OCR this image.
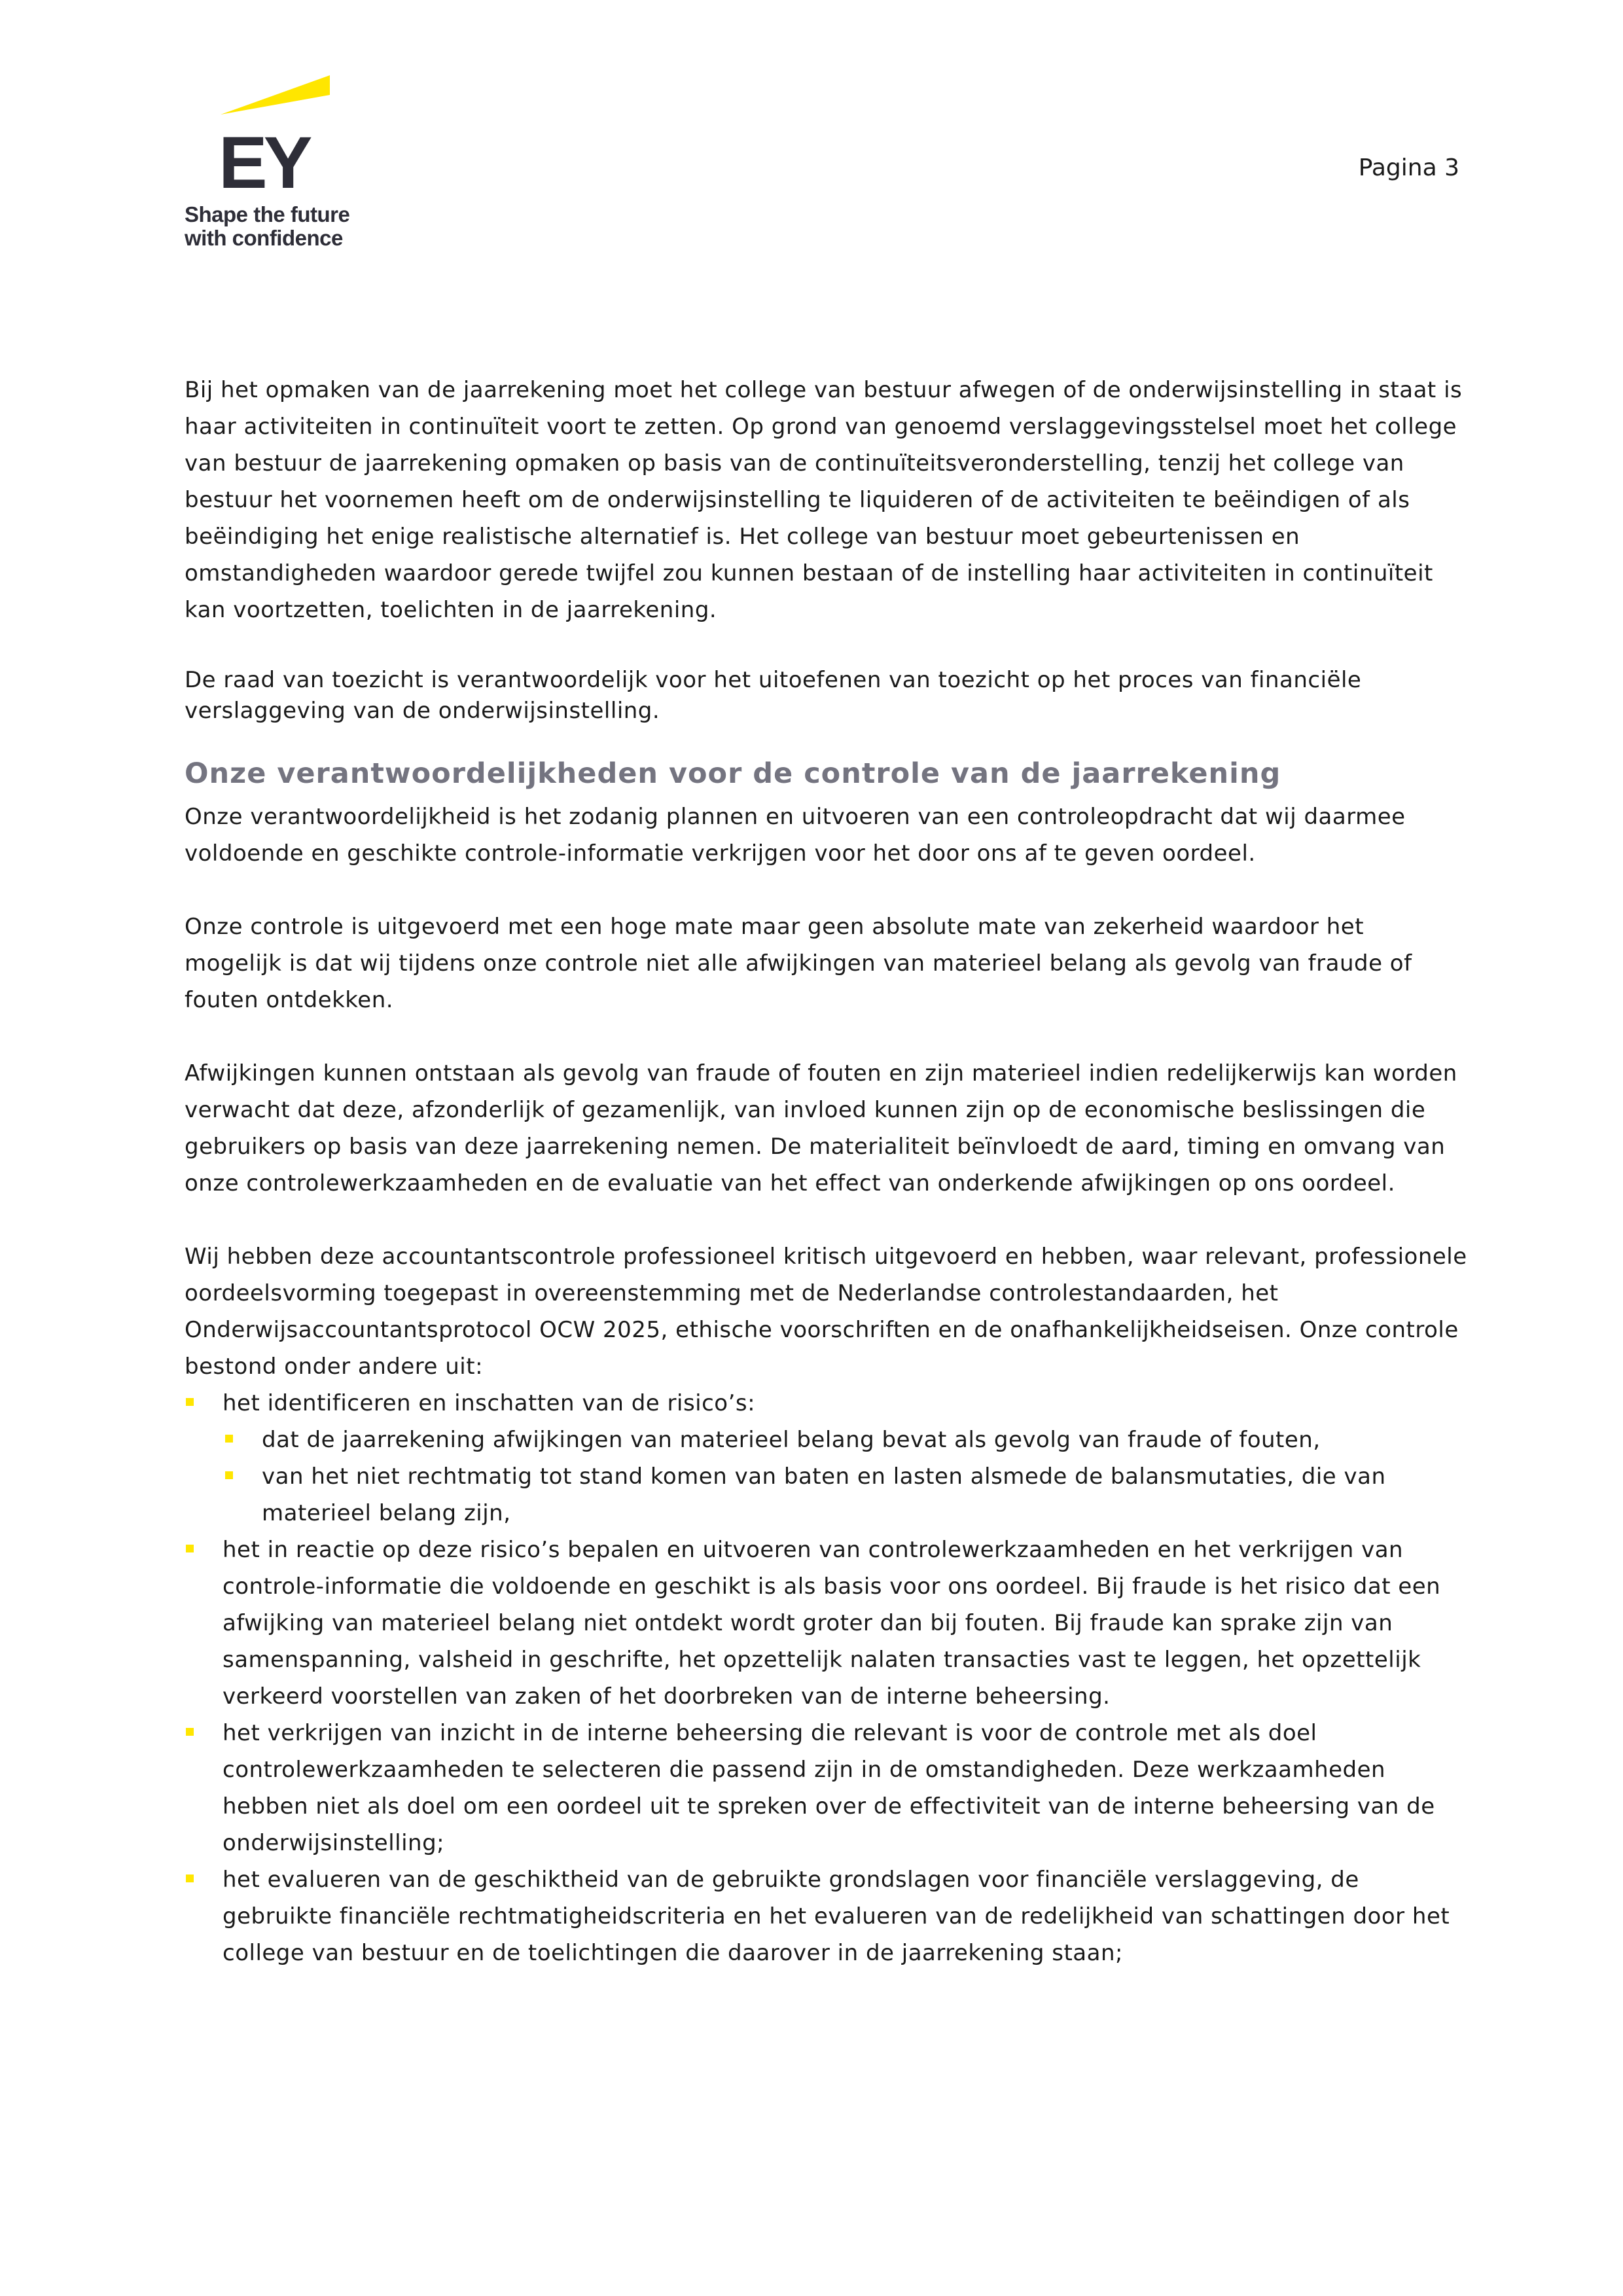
EY
Shape the future
with confidence
Pagina 3

Bij het opmaken van de jaarrekening moet het college van bestuur afwegen of de onderwijsinstelling in staat is haar activiteiten in continuïteit voort te zetten. Op grond van genoemd verslaggevingsstelsel moet het college van bestuur de jaarrekening opmaken op basis van de continuïteitsveronderstelling, tenzij het college van bestuur het voornemen heeft om de onderwijsinstelling te liquideren of de activiteiten te beëindigen of als beëindiging het enige realistische alternatief is. Het college van bestuur moet gebeurtenissen en omstandigheden waardoor gerede twijfel zou kunnen bestaan of de instelling haar activiteiten in continuïteit kan voortzetten, toelichten in de jaarrekening.

De raad van toezicht is verantwoordelijk voor het uitoefenen van toezicht op het proces van financiële verslaggeving van de onderwijsinstelling.

Onze verantwoordelijkheden voor de controle van de jaarrekening

Onze verantwoordelijkheid is het zodanig plannen en uitvoeren van een controleopdracht dat wij daarmee voldoende en geschikte controle-informatie verkrijgen voor het door ons af te geven oordeel.

Onze controle is uitgevoerd met een hoge mate maar geen absolute mate van zekerheid waardoor het mogelijk is dat wij tijdens onze controle niet alle afwijkingen van materieel belang als gevolg van fraude of fouten ontdekken.

Afwijkingen kunnen ontstaan als gevolg van fraude of fouten en zijn materieel indien redelijkerwijs kan worden verwacht dat deze, afzonderlijk of gezamenlijk, van invloed kunnen zijn op de economische beslissingen die gebruikers op basis van deze jaarrekening nemen. De materialiteit beïnvloedt de aard, timing en omvang van onze controlewerkzaamheden en de evaluatie van het effect van onderkende afwijkingen op ons oordeel.

Wij hebben deze accountantscontrole professioneel kritisch uitgevoerd en hebben, waar relevant, professionele oordeelsvorming toegepast in overeenstemming met de Nederlandse controlestandaarden, het Onderwijsaccountantsprotocol OCW 2025, ethische voorschriften en de onafhankelijkheidseisen. Onze controle bestond onder andere uit:

het identificeren en inschatten van de risico’s:
dat de jaarrekening afwijkingen van materieel belang bevat als gevolg van fraude of fouten,
van het niet rechtmatig tot stand komen van baten en lasten alsmede de balansmutaties, die van materieel belang zijn,
het in reactie op deze risico’s bepalen en uitvoeren van controlewerkzaamheden en het verkrijgen van controle-informatie die voldoende en geschikt is als basis voor ons oordeel. Bij fraude is het risico dat een afwijking van materieel belang niet ontdekt wordt groter dan bij fouten. Bij fraude kan sprake zijn van samenspanning, valsheid in geschrifte, het opzettelijk nalaten transacties vast te leggen, het opzettelijk verkeerd voorstellen van zaken of het doorbreken van de interne beheersing.
het verkrijgen van inzicht in de interne beheersing die relevant is voor de controle met als doel controlewerkzaamheden te selecteren die passend zijn in de omstandigheden. Deze werkzaamheden hebben niet als doel om een oordeel uit te spreken over de effectiviteit van de interne beheersing van de onderwijsinstelling;
het evalueren van de geschiktheid van de gebruikte grondslagen voor financiële verslaggeving, de gebruikte financiële rechtmatigheidscriteria en het evalueren van de redelijkheid van schattingen door het college van bestuur en de toelichtingen die daarover in de jaarrekening staan;
